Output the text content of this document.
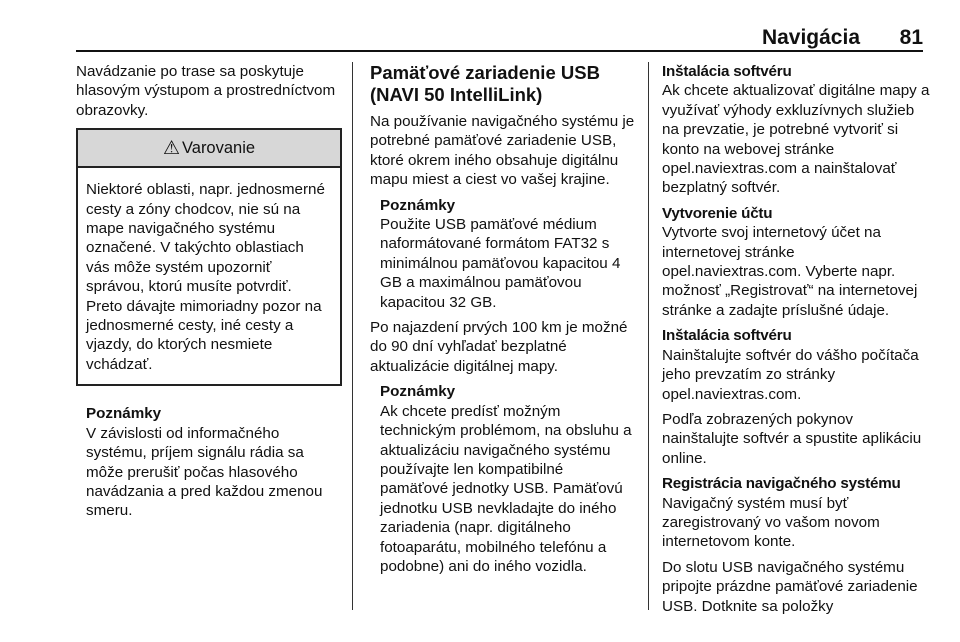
Navigácia 81

Navádzanie po trase sa poskytuje hlasovým výstupom a prostredníctvom obrazovky.

⚠ Varovanie
Niektoré oblasti, napr. jednosmerné cesty a zóny chodcov, nie sú na mape navigačného systému označené. V takýchto oblastiach vás môže systém upozorniť správou, ktorú musíte potvrdiť. Preto dávajte mimoriadny pozor na jednosmerné cesty, iné cesty a vjazdy, do ktorých nesmiete vchádzať.
Poznámky
V závislosti od informačného systému, príjem signálu rádia sa môže prerušiť počas hlasového navádzania a pred každou zmenou smeru.
Pamäťové zariadenie USB (NAVI 50 IntelliLink)

Na používanie navigačného systému je potrebné pamäťové zariadenie USB, ktoré okrem iného obsahuje digitálnu mapu miest a ciest vo vašej krajine.

Poznámky

Použite USB pamäťové médium naformátované formátom FAT32 s minimálnou pamäťovou kapacitou 4 GB a maximálnou pamäťovou kapacitou 32 GB.

Po najazdení prvých 100 km je možné do 90 dní vyhľadať bezplatné aktualizácie digitálnej mapy.

Poznámky

Ak chcete predísť možným technickým problémom, na obsluhu a aktualizáciu navigačného systému používajte len kompatibilné pamäťové jednotky USB. Pamäťovú jednotku USB nevkladajte do iného zariadenia (napr. digitálneho fotoaparátu, mobilného telefónu a podobne) ani do iného vozidla.

Inštalácia softvéru

Ak chcete aktualizovať digitálne mapy a využívať výhody exkluzívnych služieb na prevzatie, je potrebné vytvoriť si konto na webovej stránke opel.naviextras.com a nainštalovať bezplatný softvér.

Vytvorenie účtu

Vytvorte svoj internetový účet na internetovej stránke opel.naviextras.com. Vyberte napr. možnosť „Registrovať“ na internetovej stránke a zadajte príslušné údaje.

Inštalácia softvéru

Nainštalujte softvér do vášho počítača jeho prevzatím zo stránky opel.naviextras.com.

Podľa zobrazených pokynov nainštalujte softvér a spustite aplikáciu online.

Registrácia navigačného systému

Navigačný systém musí byť zaregistrovaný vo vašom novom internetovom konte.

Do slotu USB navigačného systému pripojte prázdne pamäťové zariadenie USB. Dotknite sa položky
